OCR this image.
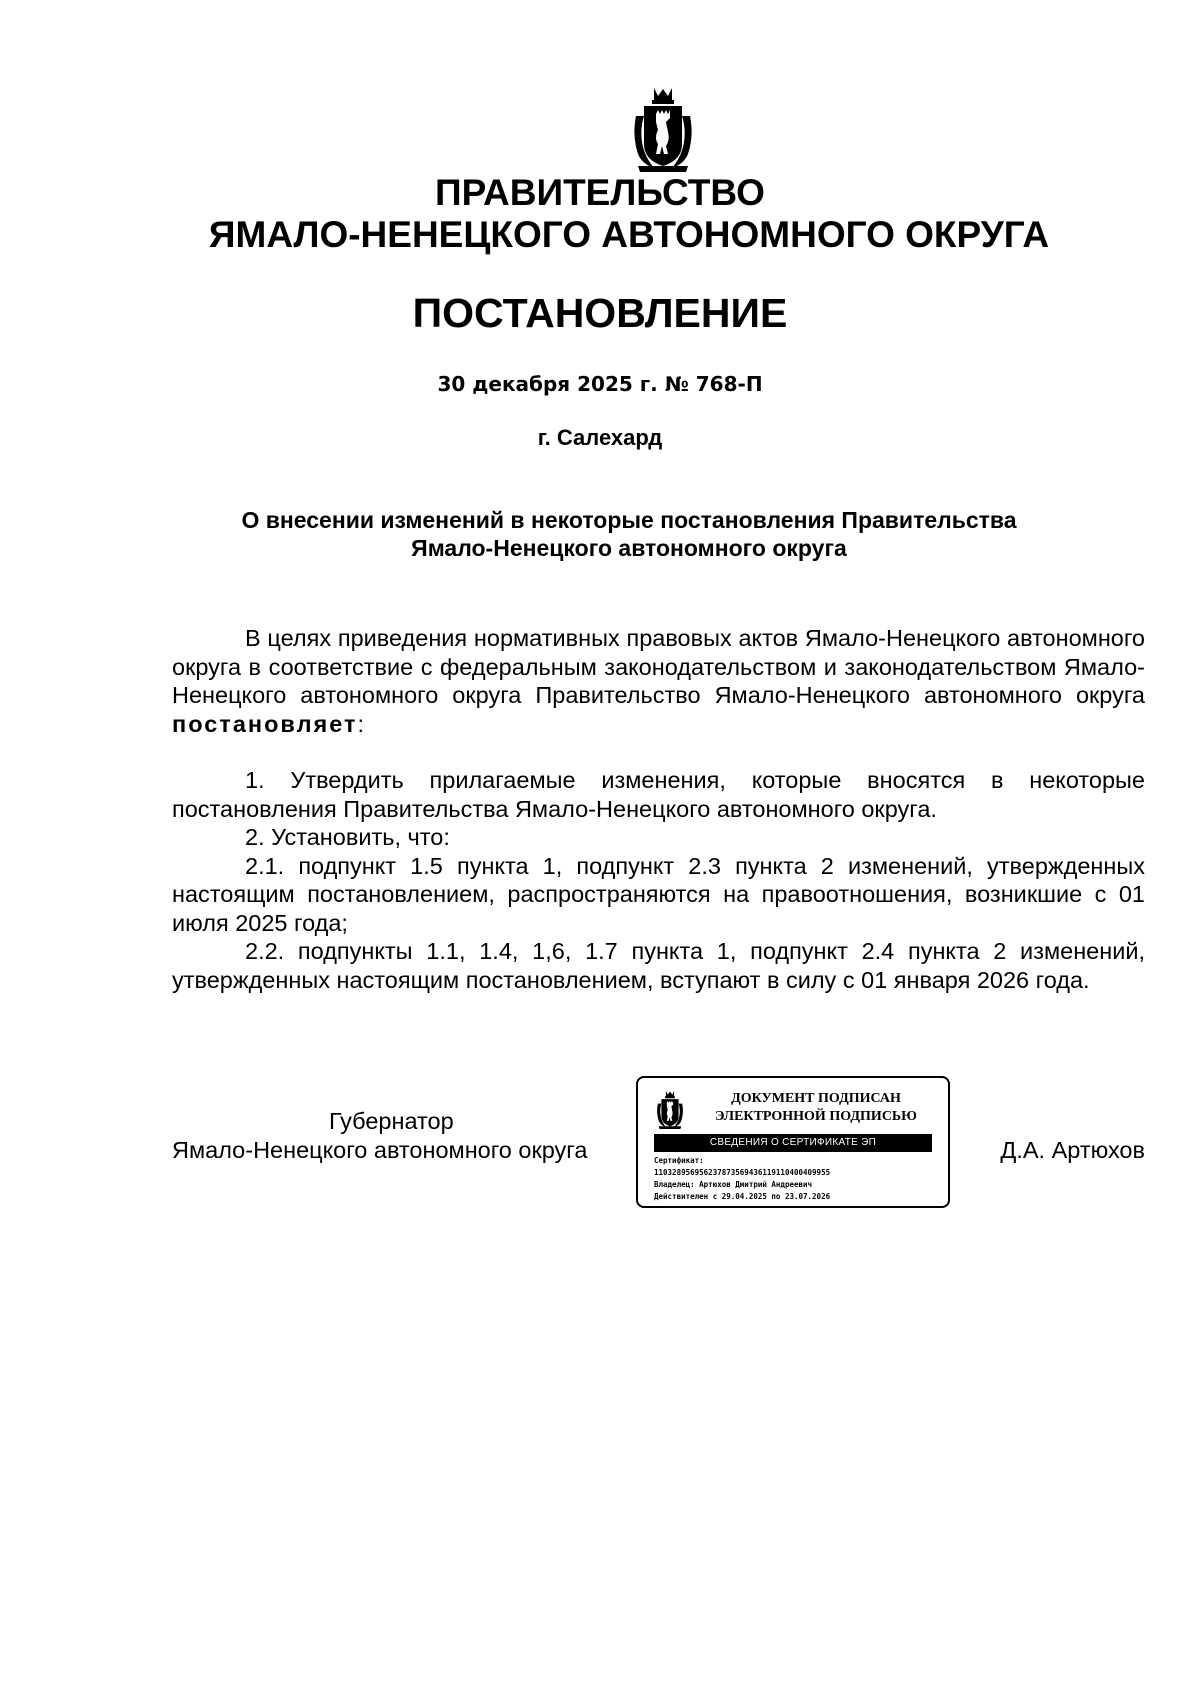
ПРАВИТЕЛЬСТВО
ЯМАЛО-НЕНЕЦКОГО АВТОНОМНОГО ОКРУГА
ПОСТАНОВЛЕНИЕ
30 декабря 2025 г. № 768-П
г. Салехард
О внесении изменений в некоторые постановления Правительства
Ямало-Ненецкого автономного округа

В целях приведения нормативных правовых актов Ямало-Ненецкого автономного округа в соответствие с федеральным законодательством и законодательством Ямало-Ненецкого автономного округа Правительство Ямало-Ненецкого автономного округа постановляет:

1. Утвердить прилагаемые изменения, которые вносятся в некоторые постановления Правительства Ямало-Ненецкого автономного округа.

2. Установить, что:

2.1. подпункт 1.5 пункта 1, подпункт 2.3 пункта 2 изменений, утвержденных настоящим постановлением, распространяются на правоотношения, возникшие с 01 июля 2025 года;

2.2. подпункты 1.1, 1.4, 1,6, 1.7 пункта 1, подпункт 2.4 пункта 2 изменений, утвержденных настоящим постановлением, вступают в силу с 01 января 2026 года.

Губернатор
Ямало-Ненецкого автономного округа	Д.А. Артюхов
ДОКУМЕНТ ПОДПИСАН
ЭЛЕКТРОННОЙ ПОДПИСЬЮ
СВЕДЕНИЯ О СЕРТИФИКАТЕ ЭП
Сертификат:
110328956956237873569436119110400409955
Владелец: Артюхов Дмитрий Андреевич
Действителен с 29.04.2025 по 23.07.2026
